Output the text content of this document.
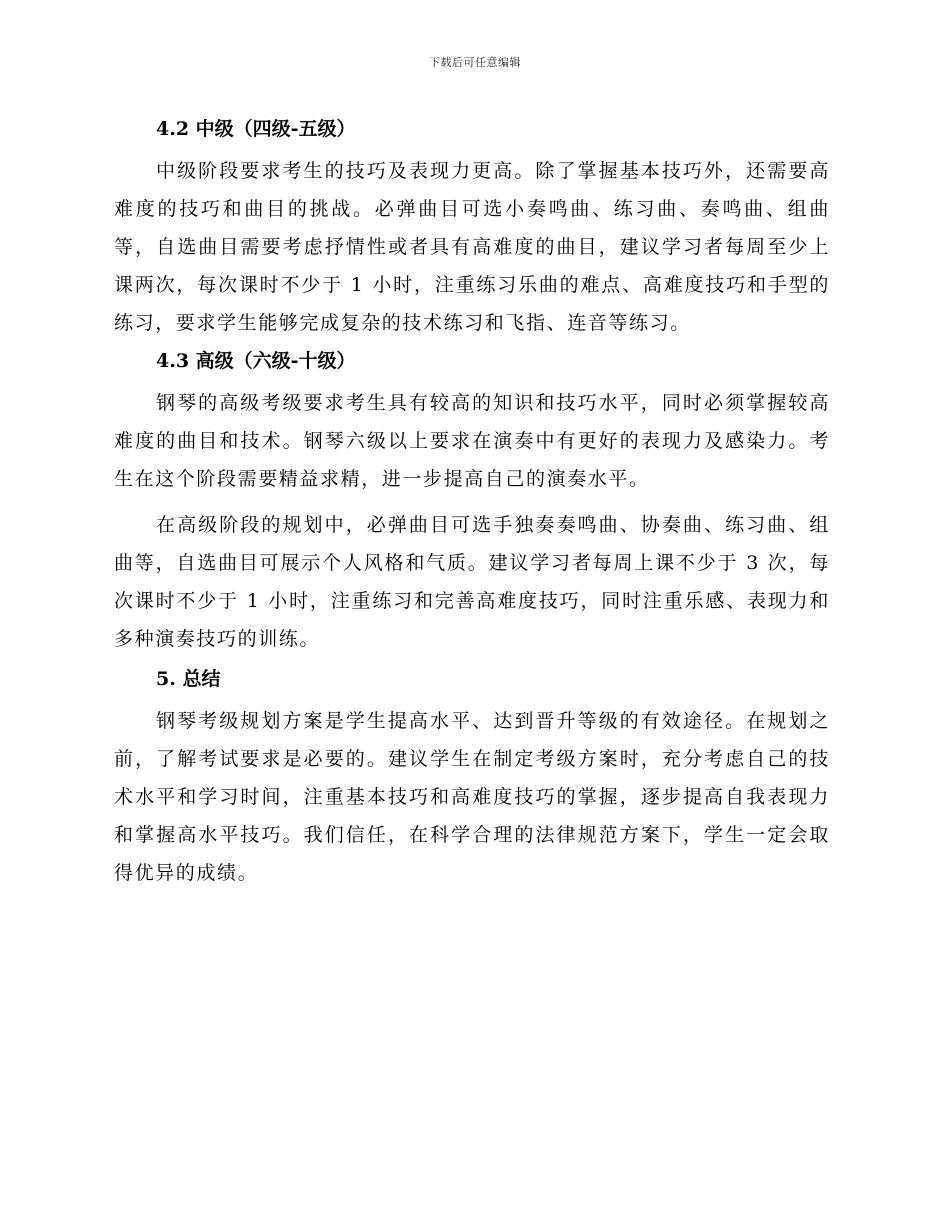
下载后可任意编辑
4.2 中级（四级-五级）

中级阶段要求考生的技巧及表现力更高。除了掌握基本技巧外，还需要高难度的技巧和曲目的挑战。必弹曲目可选小奏鸣曲、练习曲、奏鸣曲、组曲等，自选曲目需要考虑抒情性或者具有高难度的曲目，建议学习者每周至少上课两次，每次课时不少于 1 小时，注重练习乐曲的难点、高难度技巧和手型的练习，要求学生能够完成复杂的技术练习和飞指、连音等练习。

4.3 高级（六级-十级）

钢琴的高级考级要求考生具有较高的知识和技巧水平，同时必须掌握较高难度的曲目和技术。钢琴六级以上要求在演奏中有更好的表现力及感染力。考生在这个阶段需要精益求精，进一步提高自己的演奏水平。

在高级阶段的规划中，必弹曲目可选手独奏奏鸣曲、协奏曲、练习曲、组曲等，自选曲目可展示个人风格和气质。建议学习者每周上课不少于 3 次，每次课时不少于 1 小时，注重练习和完善高难度技巧，同时注重乐感、表现力和多种演奏技巧的训练。

5. 总结

钢琴考级规划方案是学生提高水平、达到晋升等级的有效途径。在规划之前，了解考试要求是必要的。建议学生在制定考级方案时，充分考虑自己的技术水平和学习时间，注重基本技巧和高难度技巧的掌握，逐步提高自我表现力和掌握高水平技巧。我们信任，在科学合理的法律规范方案下，学生一定会取得优异的成绩。
